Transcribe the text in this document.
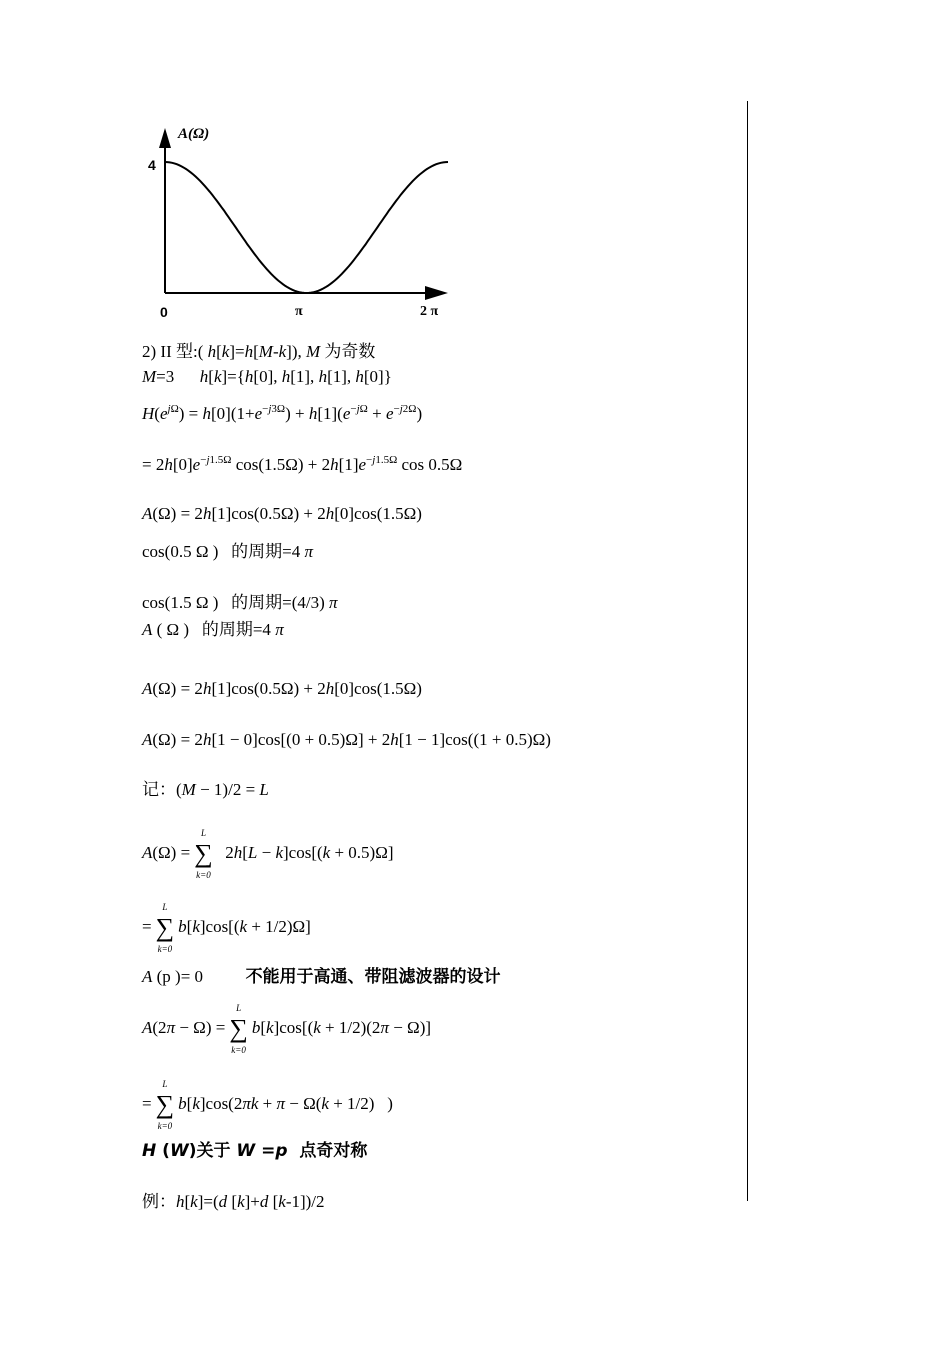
A(Ω)
4
0	π	2 π
2) II 型:( h[k]=h[M-k]), M 为奇数
M=3      h[k]={h[0], h[1], h[1], h[0]}
$H(e^{j\Omega}) = h[0](1+e^{-j3\Omega}) + h[1](e^{-j\Omega} + e^{-j2\Omega})$
= $2h[0]e^{-j1.5\Omega}$ $\cos(1.5\Omega) + 2h[1]e^{-j1.5\Omega}$ cos 0.5Ω
A(Ω) = 2h[1]cos(0.5Ω) + 2h[0]cos(1.5Ω)
cos(0.5 Ω )   的周期=4 π
cos(1.5 Ω )   的周期=(4/3) π
A ( Ω )   的周期=4 π
A(Ω) = 2h[1]cos(0.5Ω) + 2h[0]cos(1.5Ω)
A(Ω) = 2h[1 − 0]cos[(0 + 0.5)Ω] + 2h[1 − 1]cos((1 + 0.5)Ω)
记：(M − 1)/2 = L
A(Ω) = ∑
L
k=0
2h[L − k]cos[(k + 0.5)Ω]
= ∑
L
k=0
b[k]cos[(k + 1/2)Ω]
A (p )= 0	不能用于高通、带阻滤波器的设计
A(2π − Ω) = ∑
L
k=0
b[k]cos[(k + 1/2)(2π − Ω)]
= ∑
L
k=0
b[k]cos(2πk + π − Ω(k + 1/2)   )
H (W)关于 W =p  点奇对称
例：h[k]=(d [k]+d [k-1])/2
